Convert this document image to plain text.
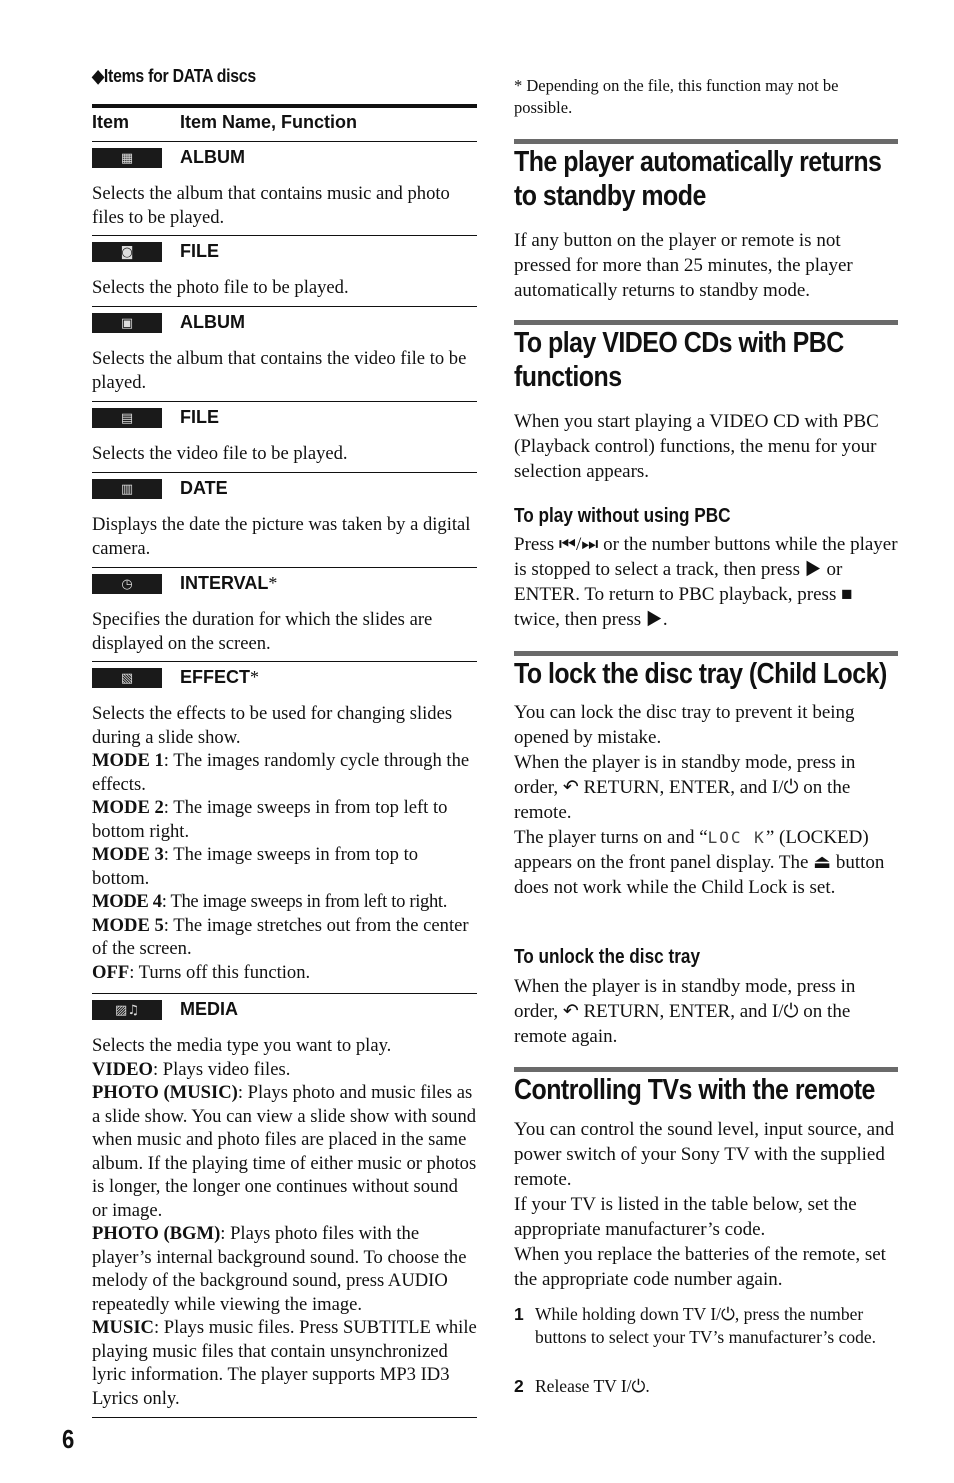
◆Items for DATA discs
Item	Item Name, Function
▦	ALBUM
Selects the album that contains music and photo files to be played.
◙	FILE
Selects the photo file to be played.
▣	ALBUM
Selects the album that contains the video file to be played.
▤	FILE
Selects the video file to be played.
▥	DATE
Displays the date the picture was taken by a digital camera.
◷	INTERVAL*
Specifies the duration for which the slides are displayed on the screen.
▧	EFFECT*
Selects the effects to be used for changing slides during a slide show.
MODE 1: The images randomly cycle through the effects.
MODE 2: The image sweeps in from top left to bottom right.
MODE 3: The image sweeps in from top to bottom.
MODE 4: The image sweeps in from left to right.
MODE 5: The image stretches out from the center of the screen.
OFF: Turns off this function.
▨♫ MEDIA
Selects the media type you want to play.
VIDEO: Plays video files.
PHOTO (MUSIC): Plays photo and music files as a slide show. You can view a slide show with sound when music and photo files are placed in the same album. If the playing time of either music or photos is longer, the longer one continues without sound or image.
PHOTO (BGM): Plays photo files with the player’s internal background sound. To choose the melody of the background sound, press AUDIO repeatedly while viewing the image.
MUSIC: Plays music files. Press SUBTITLE while playing music files that contain unsynchronized lyric information. The player supports MP3 ID3 Lyrics only.
6
* Depending on the file, this function may not be possible.
The player automatically returns to standby mode
If any button on the player or remote is not pressed for more than 25 minutes, the player automatically returns to standby mode.
To play VIDEO CDs with PBC functions
When you start playing a VIDEO CD with PBC (Playback control) functions, the menu for your selection appears.
To play without using PBC
Press ⏮/⏭ or the number buttons while the player is stopped to select a track, then press ▶ or ENTER. To return to PBC playback, press ■ twice, then press ▶.
To lock the disc tray (Child Lock)
You can lock the disc tray to prevent it being opened by mistake.
When the player is in standby mode, press in order, ↶ RETURN, ENTER, and I/⏻ on the remote.
The player turns on and “LOC K” (LOCKED) appears on the front panel display. The ⏏ button does not work while the Child Lock is set.
To unlock the disc tray
When the player is in standby mode, press in order, ↶ RETURN, ENTER, and I/⏻ on the remote again.
Controlling TVs with the remote
You can control the sound level, input source, and power switch of your Sony TV with the supplied remote.
If your TV is listed in the table below, set the appropriate manufacturer’s code.
When you replace the batteries of the remote, set the appropriate code number again.
1 While holding down TV I/⏻, press the number buttons to select your TV’s manufacturer’s code.
2 Release TV I/⏻.
